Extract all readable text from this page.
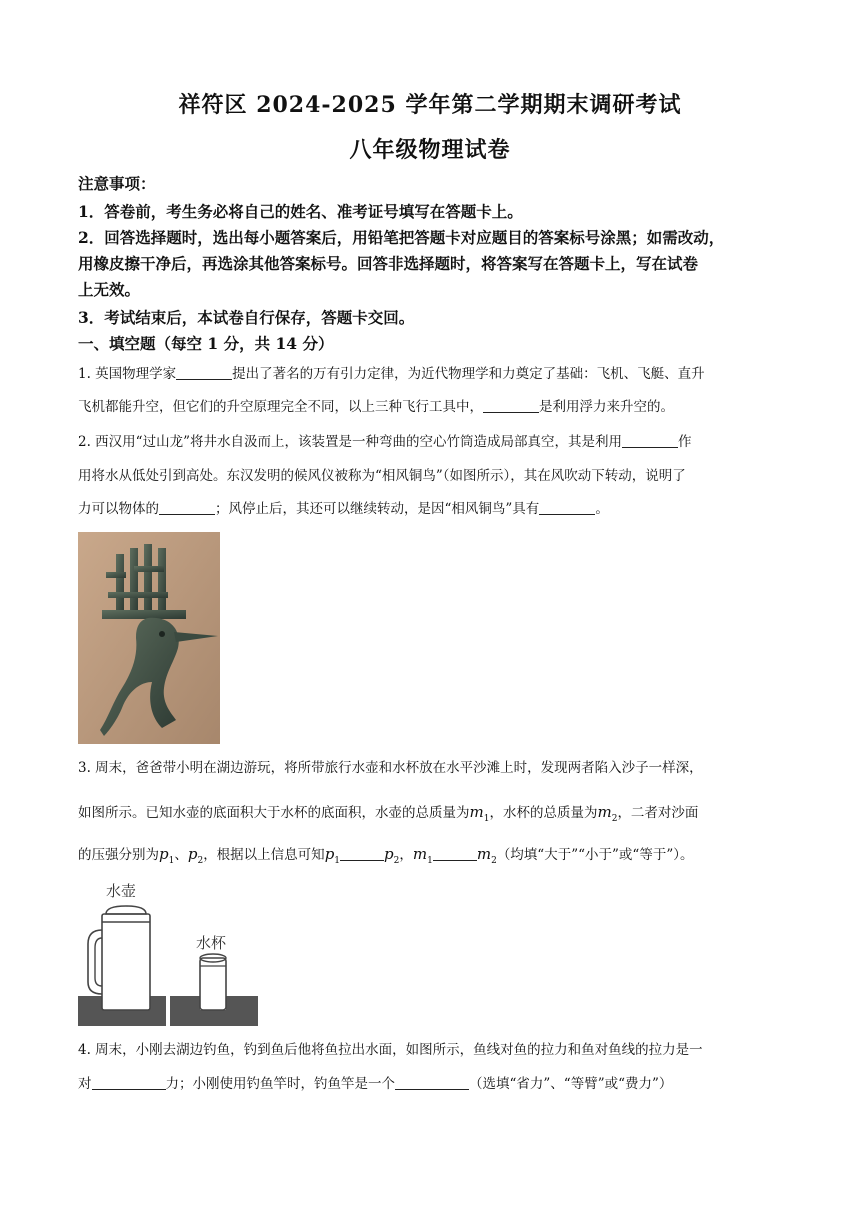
祥符区 2024-2025 学年第二学期期末调研考试
八年级物理试卷
注意事项：
1．答卷前，考生务必将自己的姓名、准考证号填写在答题卡上。
2．回答选择题时，选出每小题答案后，用铅笔把答题卡对应题目的答案标号涂黑；如需改动，
用橡皮擦干净后，再选涂其他答案标号。回答非选择题时，将答案写在答题卡上，写在试卷
上无效。
3．考试结束后，本试卷自行保存，答题卡交回。
一、填空题（每空 1 分，共 14 分）
1. 英国物理学家	提出了著名的万有引力定律，为近代物理学和力奠定了基础：飞机、飞艇、直升
飞机都能升空，但它们的升空原理完全不同，以上三种飞行工具中，	是利用浮力来升空的。
2. 西汉用“过山龙”将井水自汲而上，该装置是一种弯曲的空心竹筒造成局部真空，其是利用	作
用将水从低处引到高处。东汉发明的候风仪被称为“相风铜鸟”（如图所示），其在风吹动下转动，说明了
力可以物体的	；风停止后，其还可以继续转动，是因“相风铜鸟”具有	。
3. 周末，爸爸带小明在湖边游玩，将所带旅行水壶和水杯放在水平沙滩上时，发现两者陷入沙子一样深，
如图所示。已知水壶的底面积大于水杯的底面积，水壶的总质量为$m_1$，水杯的总质量为$m_2$，二者对沙面
的压强分别为$p_1$、$p_2$，根据以上信息可知$p_1$	$p_2$，$m_1$	$m_2$（均填“大于”“小于”或“等于”）。
水壶
水杯
4. 周末，小刚去湖边钓鱼，钓到鱼后他将鱼拉出水面，如图所示，鱼线对鱼的拉力和鱼对鱼线的拉力是一
对	力；小刚使用钓鱼竿时，钓鱼竿是一个	（选填“省力”、“等臂”或“费力”）
